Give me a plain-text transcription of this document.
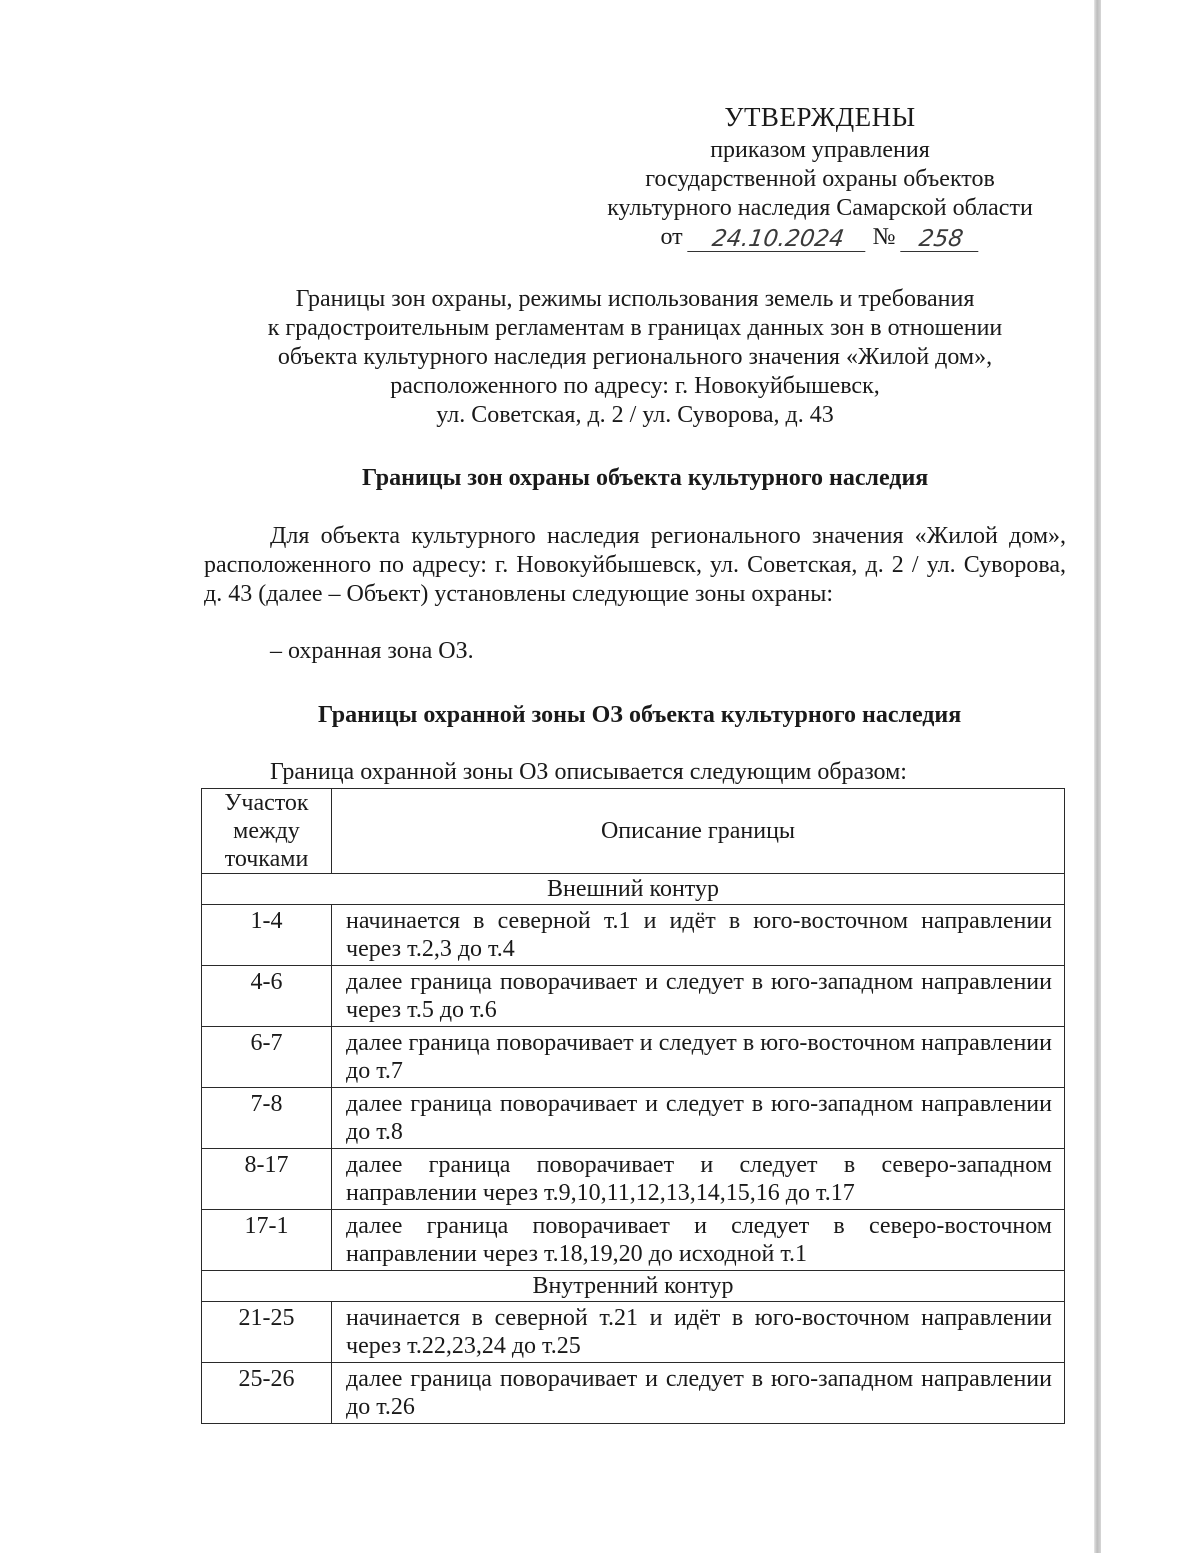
УТВЕРЖДЕНЫ
приказом управления
государственной охраны объектов
культурного наследия Самарской области
от	24.10.2024	№ 258
Границы зон охраны, режимы использования земель и требования
к градостроительным регламентам в границах данных зон в отношении
объекта культурного наследия регионального значения «Жилой дом»,
расположенного по адресу: г. Новокуйбышевск,
ул. Советская, д. 2 / ул. Суворова, д. 43
Границы зон охраны объекта культурного наследия
Для объекта культурного наследия регионального значения «Жилой дом», расположенного по адресу: г. Новокуйбышевск, ул. Советская, д. 2 / ул. Суворова, д. 43 (далее – Объект) установлены следующие зоны охраны:
– охранная зона ОЗ.
Границы охранной зоны ОЗ объекта культурного наследия
Граница охранной зоны ОЗ описывается следующим образом:
Участок
между
точками	Описание границы
Внешний контур	
1-4	начинается в северной т.1 и идёт в юго-восточном направлении через т.2,3 до т.4
4-6	далее граница поворачивает и следует в юго-западном направлении через т.5 до т.6
6-7	далее граница поворачивает и следует в юго-восточном направлении до т.7
7-8	далее граница поворачивает и следует в юго-западном направлении до т.8
8-17	далее граница поворачивает и следует в северо-западном направлении через т.9,10,11,12,13,14,15,16 до т.17
17-1	далее граница поворачивает и следует в северо-восточном направлении через т.18,19,20 до исходной т.1
Внутренний контур	
21-25	начинается в северной т.21 и идёт в юго-восточном направлении через т.22,23,24 до т.25
25-26	далее граница поворачивает и следует в юго-западном направлении до т.26
